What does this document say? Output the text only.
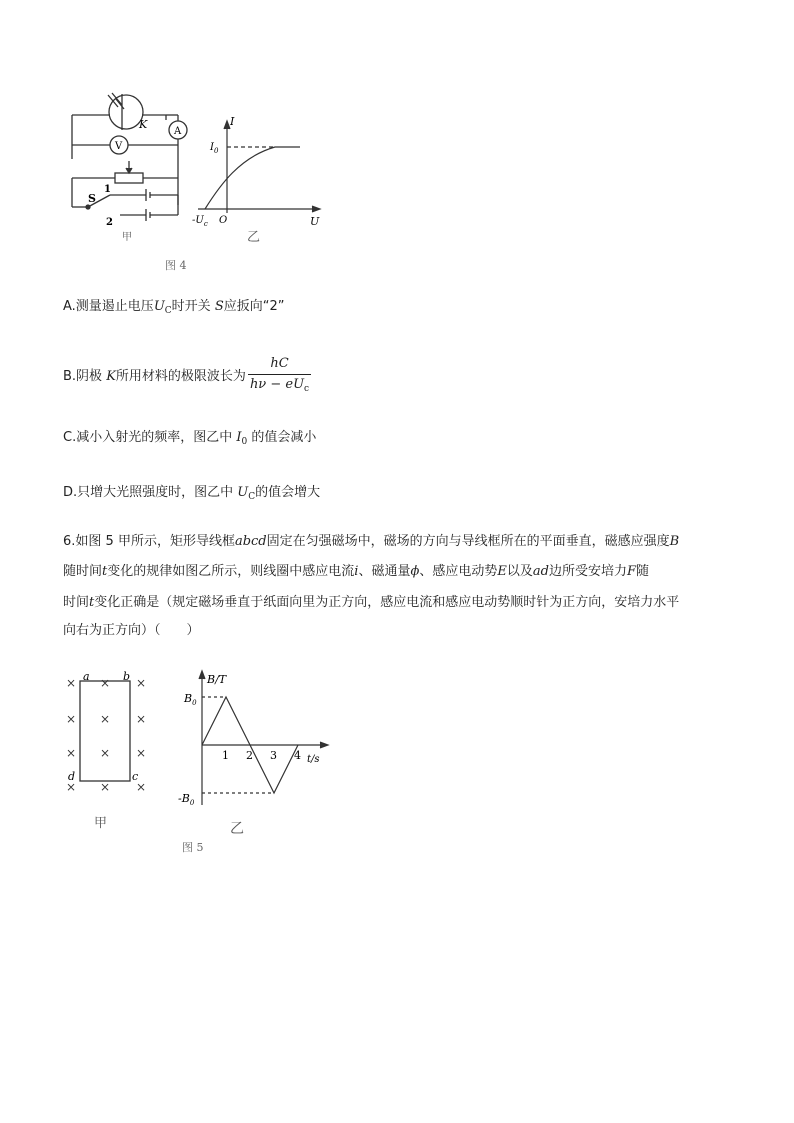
K
A
V
S
1
2
甲
I
$I_0$
$-U_c$ O	U
乙
图 4
A.测量遏止电压$U_C$时开关 S应扳向“2”
B.阴极 K所用材料的极限波长为 $\frac{hC}{h\nu - eU_c}$
C.减小入射光的频率，图乙中 $I_0$ 的值会减小
D.只增大光照强度时，图乙中 $U_C$的值会增大
6.如图 5 甲所示，矩形导线框abcd固定在匀强磁场中，磁场的方向与导线框所在的平面垂直，磁感应强度B
随时间t变化的规律如图乙所示，则线圈中感应电流i、磁通量ϕ、感应电动势E以及ad边所受安培力F随
时间t变化正确是（规定磁场垂直于纸面向里为正方向，感应电流和感应电动势顺时针为正方向，安培力水平
向右为正方向）（　　）
× × ×
× × ×
× × ×
× × ×
a	b
d	c
甲
B/T
$B_0$
$-B_0$
1 2 3 4 t/s
乙
图 5
